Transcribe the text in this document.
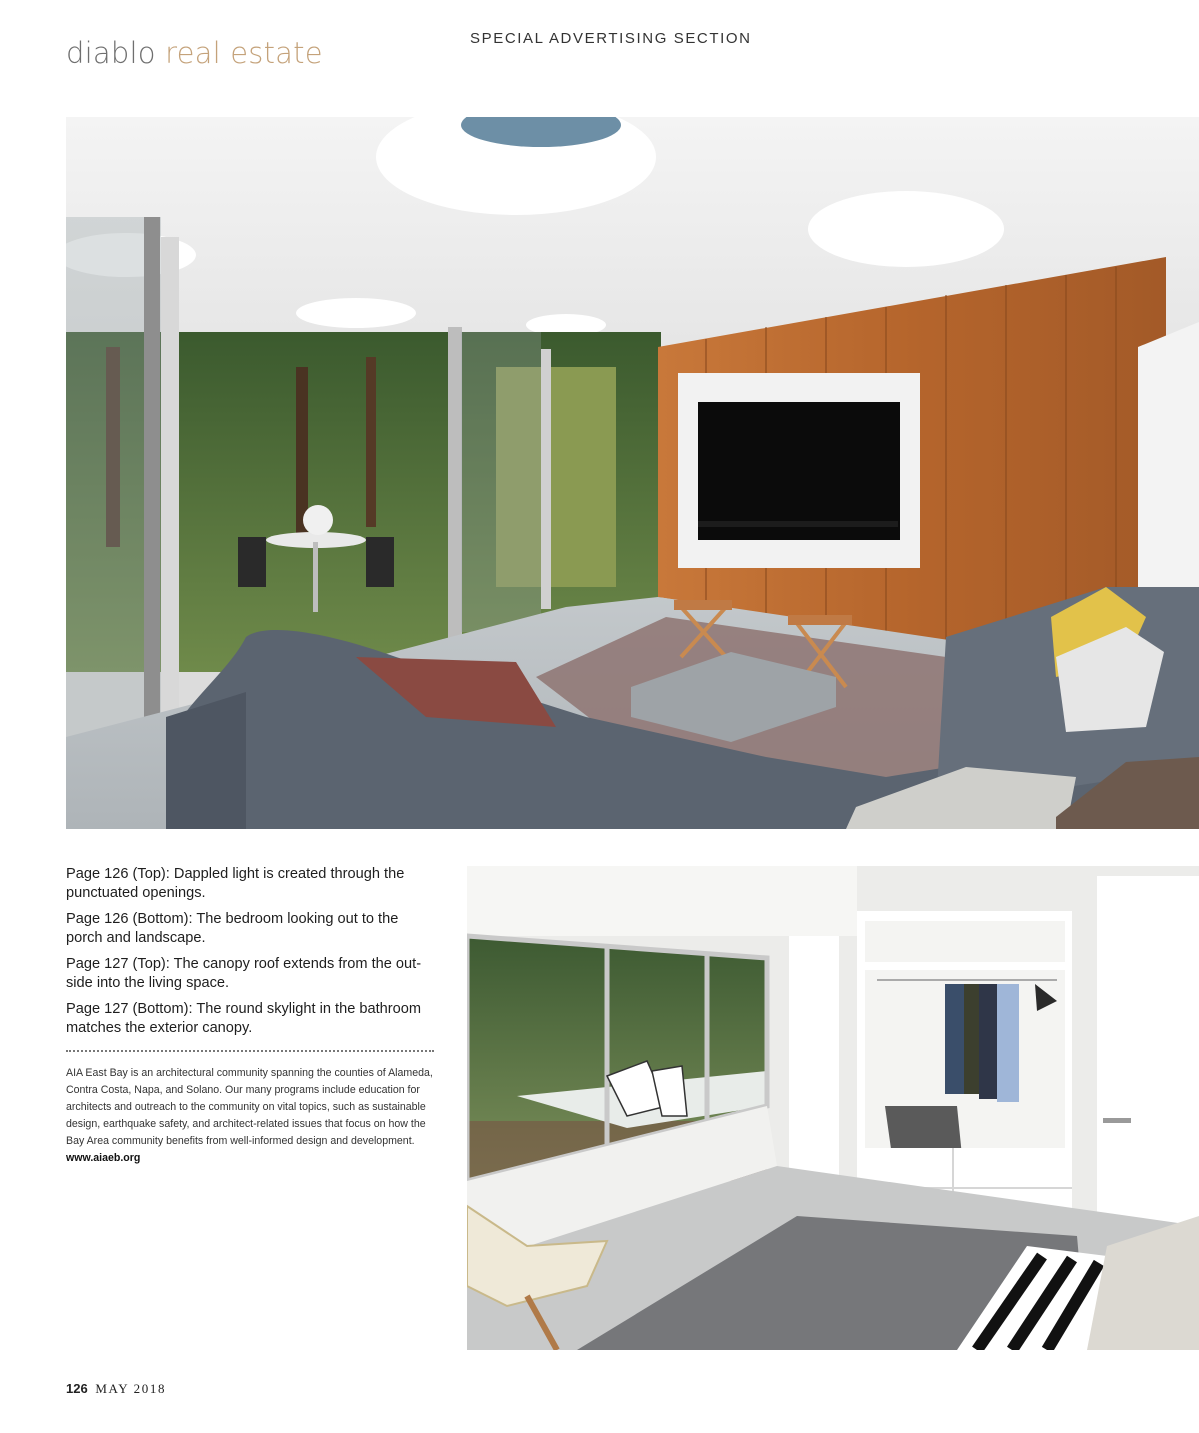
diablo real estate	SPECIAL ADVERTISING SECTION

Page 126 (Top): Dappled light is created through the punctuated openings.

Page 126 (Bottom): The bedroom looking out to the porch and landscape.

Page 127 (Top): The canopy roof extends from the out-side into the living space.

Page 127 (Bottom): The round skylight in the bathroom matches the exterior canopy.

AIA East Bay is an architectural community spanning the counties of Alameda, Contra Costa, Napa, and Solano. Our many programs include education for architects and outreach to the community on vital topics, such as sustainable design, earthquake safety, and architect-related issues that focus on how the Bay Area community benefits from well-informed design and development. www.aiaeb.org
126 MAY 2018
